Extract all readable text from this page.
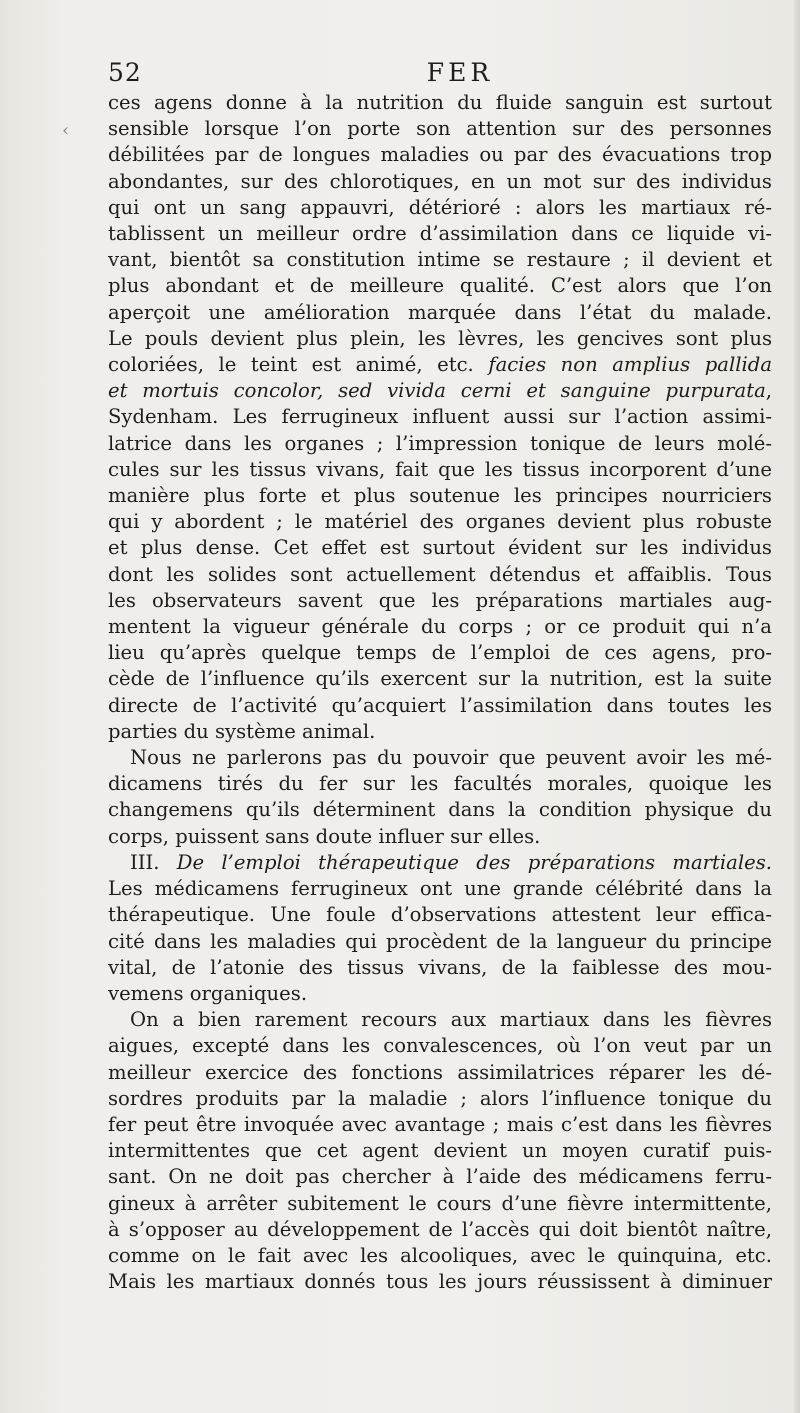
‹
52	FER
ces agens donne à la nutrition du fluide sanguin est surtout
sensible lorsque l’on porte son attention sur des personnes
débilitées par de longues maladies ou par des évacuations trop
abondantes, sur des chlorotiques, en un mot sur des individus
qui ont un sang appauvri, détérioré : alors les martiaux ré-
tablissent un meilleur ordre d’assimilation dans ce liquide vi-
vant, bientôt sa constitution intime se restaure ; il devient et
plus abondant et de meilleure qualité. C’est alors que l’on
aperçoit une amélioration marquée dans l’état du malade.
Le pouls devient plus plein, les lèvres, les gencives sont plus
coloriées, le teint est animé, etc. facies non amplius pallida
et mortuis concolor, sed vivida cerni et sanguine purpurata,
Sydenham. Les ferrugineux influent aussi sur l’action assimi-
latrice dans les organes ; l’impression tonique de leurs molé-
cules sur les tissus vivans, fait que les tissus incorporent d’une
manière plus forte et plus soutenue les principes nourriciers
qui y abordent ; le matériel des organes devient plus robuste
et plus dense. Cet effet est surtout évident sur les individus
dont les solides sont actuellement détendus et affaiblis. Tous
les observateurs savent que les préparations martiales aug-
mentent la vigueur générale du corps ; or ce produit qui n’a
lieu qu’après quelque temps de l’emploi de ces agens, pro-
cède de l’influence qu’ils exercent sur la nutrition, est la suite
directe de l’activité qu’acquiert l’assimilation dans toutes les
parties du système animal.
Nous ne parlerons pas du pouvoir que peuvent avoir les mé-
dicamens tirés du fer sur les facultés morales, quoique les
changemens qu’ils déterminent dans la condition physique du
corps, puissent sans doute influer sur elles.
III. De l’emploi thérapeutique des préparations martiales.
Les médicamens ferrugineux ont une grande célébrité dans la
thérapeutique. Une foule d’observations attestent leur effica-
cité dans les maladies qui procèdent de la langueur du principe
vital, de l’atonie des tissus vivans, de la faiblesse des mou-
vemens organiques.
On a bien rarement recours aux martiaux dans les fièvres
aigues, excepté dans les convalescences, où l’on veut par un
meilleur exercice des fonctions assimilatrices réparer les dé-
sordres produits par la maladie ; alors l’influence tonique du
fer peut être invoquée avec avantage ; mais c’est dans les fièvres
intermittentes que cet agent devient un moyen curatif puis-
sant. On ne doit pas chercher à l’aide des médicamens ferru-
gineux à arrêter subitement le cours d’une fièvre intermittente,
à s’opposer au développement de l’accès qui doit bientôt naître,
comme on le fait avec les alcooliques, avec le quinquina, etc.
Mais les martiaux donnés tous les jours réussissent à diminuer
